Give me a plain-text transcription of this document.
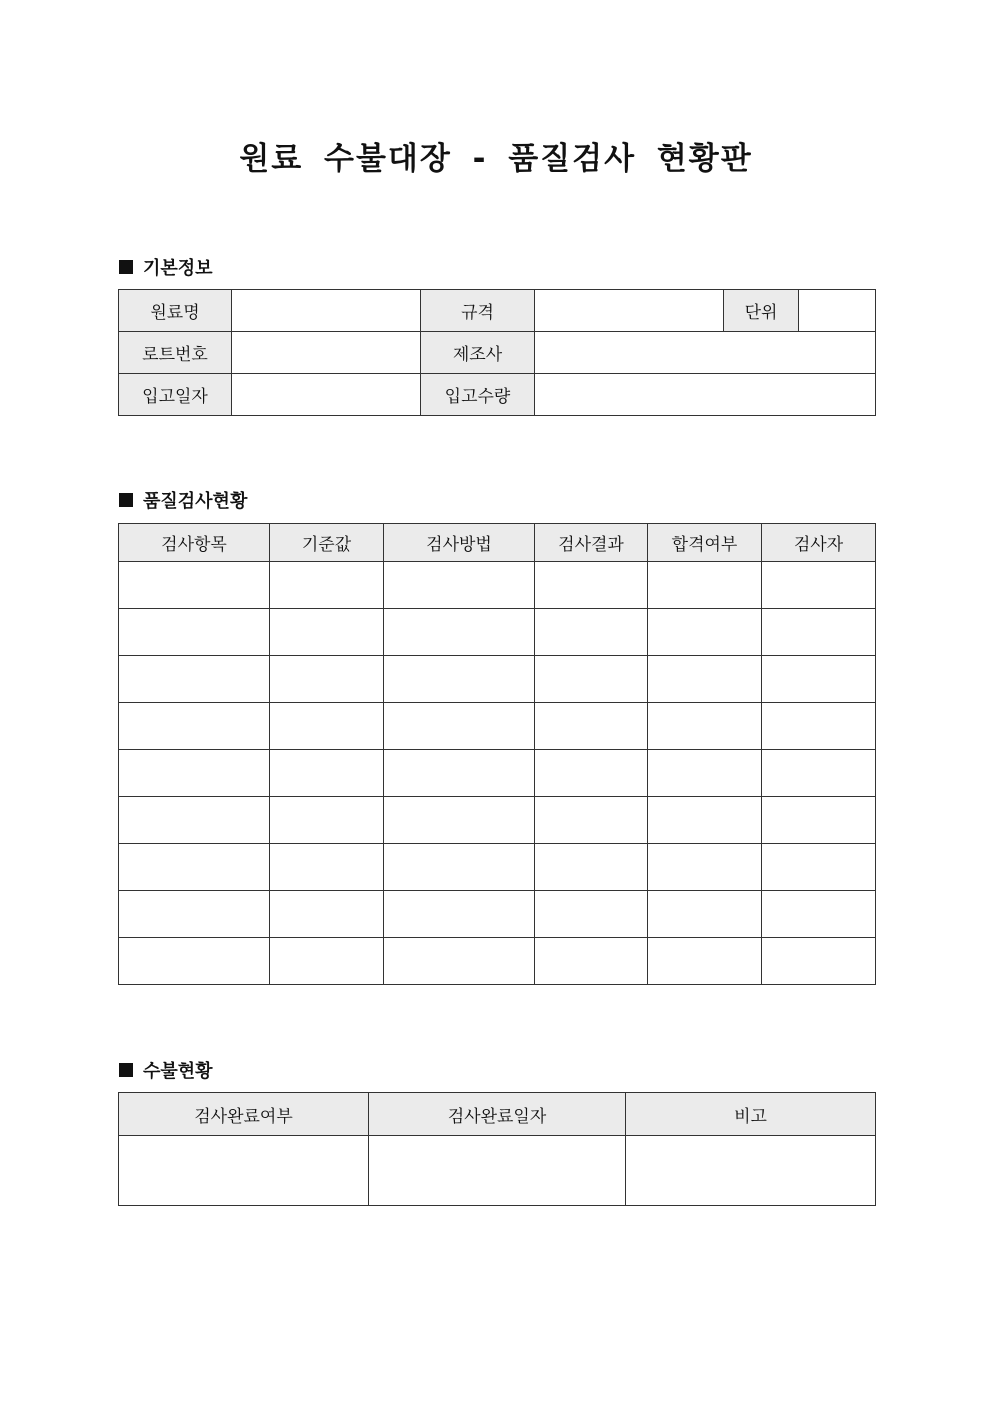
원료 수불대장 - 품질검사 현황판
기본정보
원료명		규격		단위	
로트번호		제조사			
입고일자		입고수량			
품질검사현황
검사항목	기준값	검사방법	검사결과	합격여부	검사자

수불현황
검사완료여부	검사완료일자	비고
